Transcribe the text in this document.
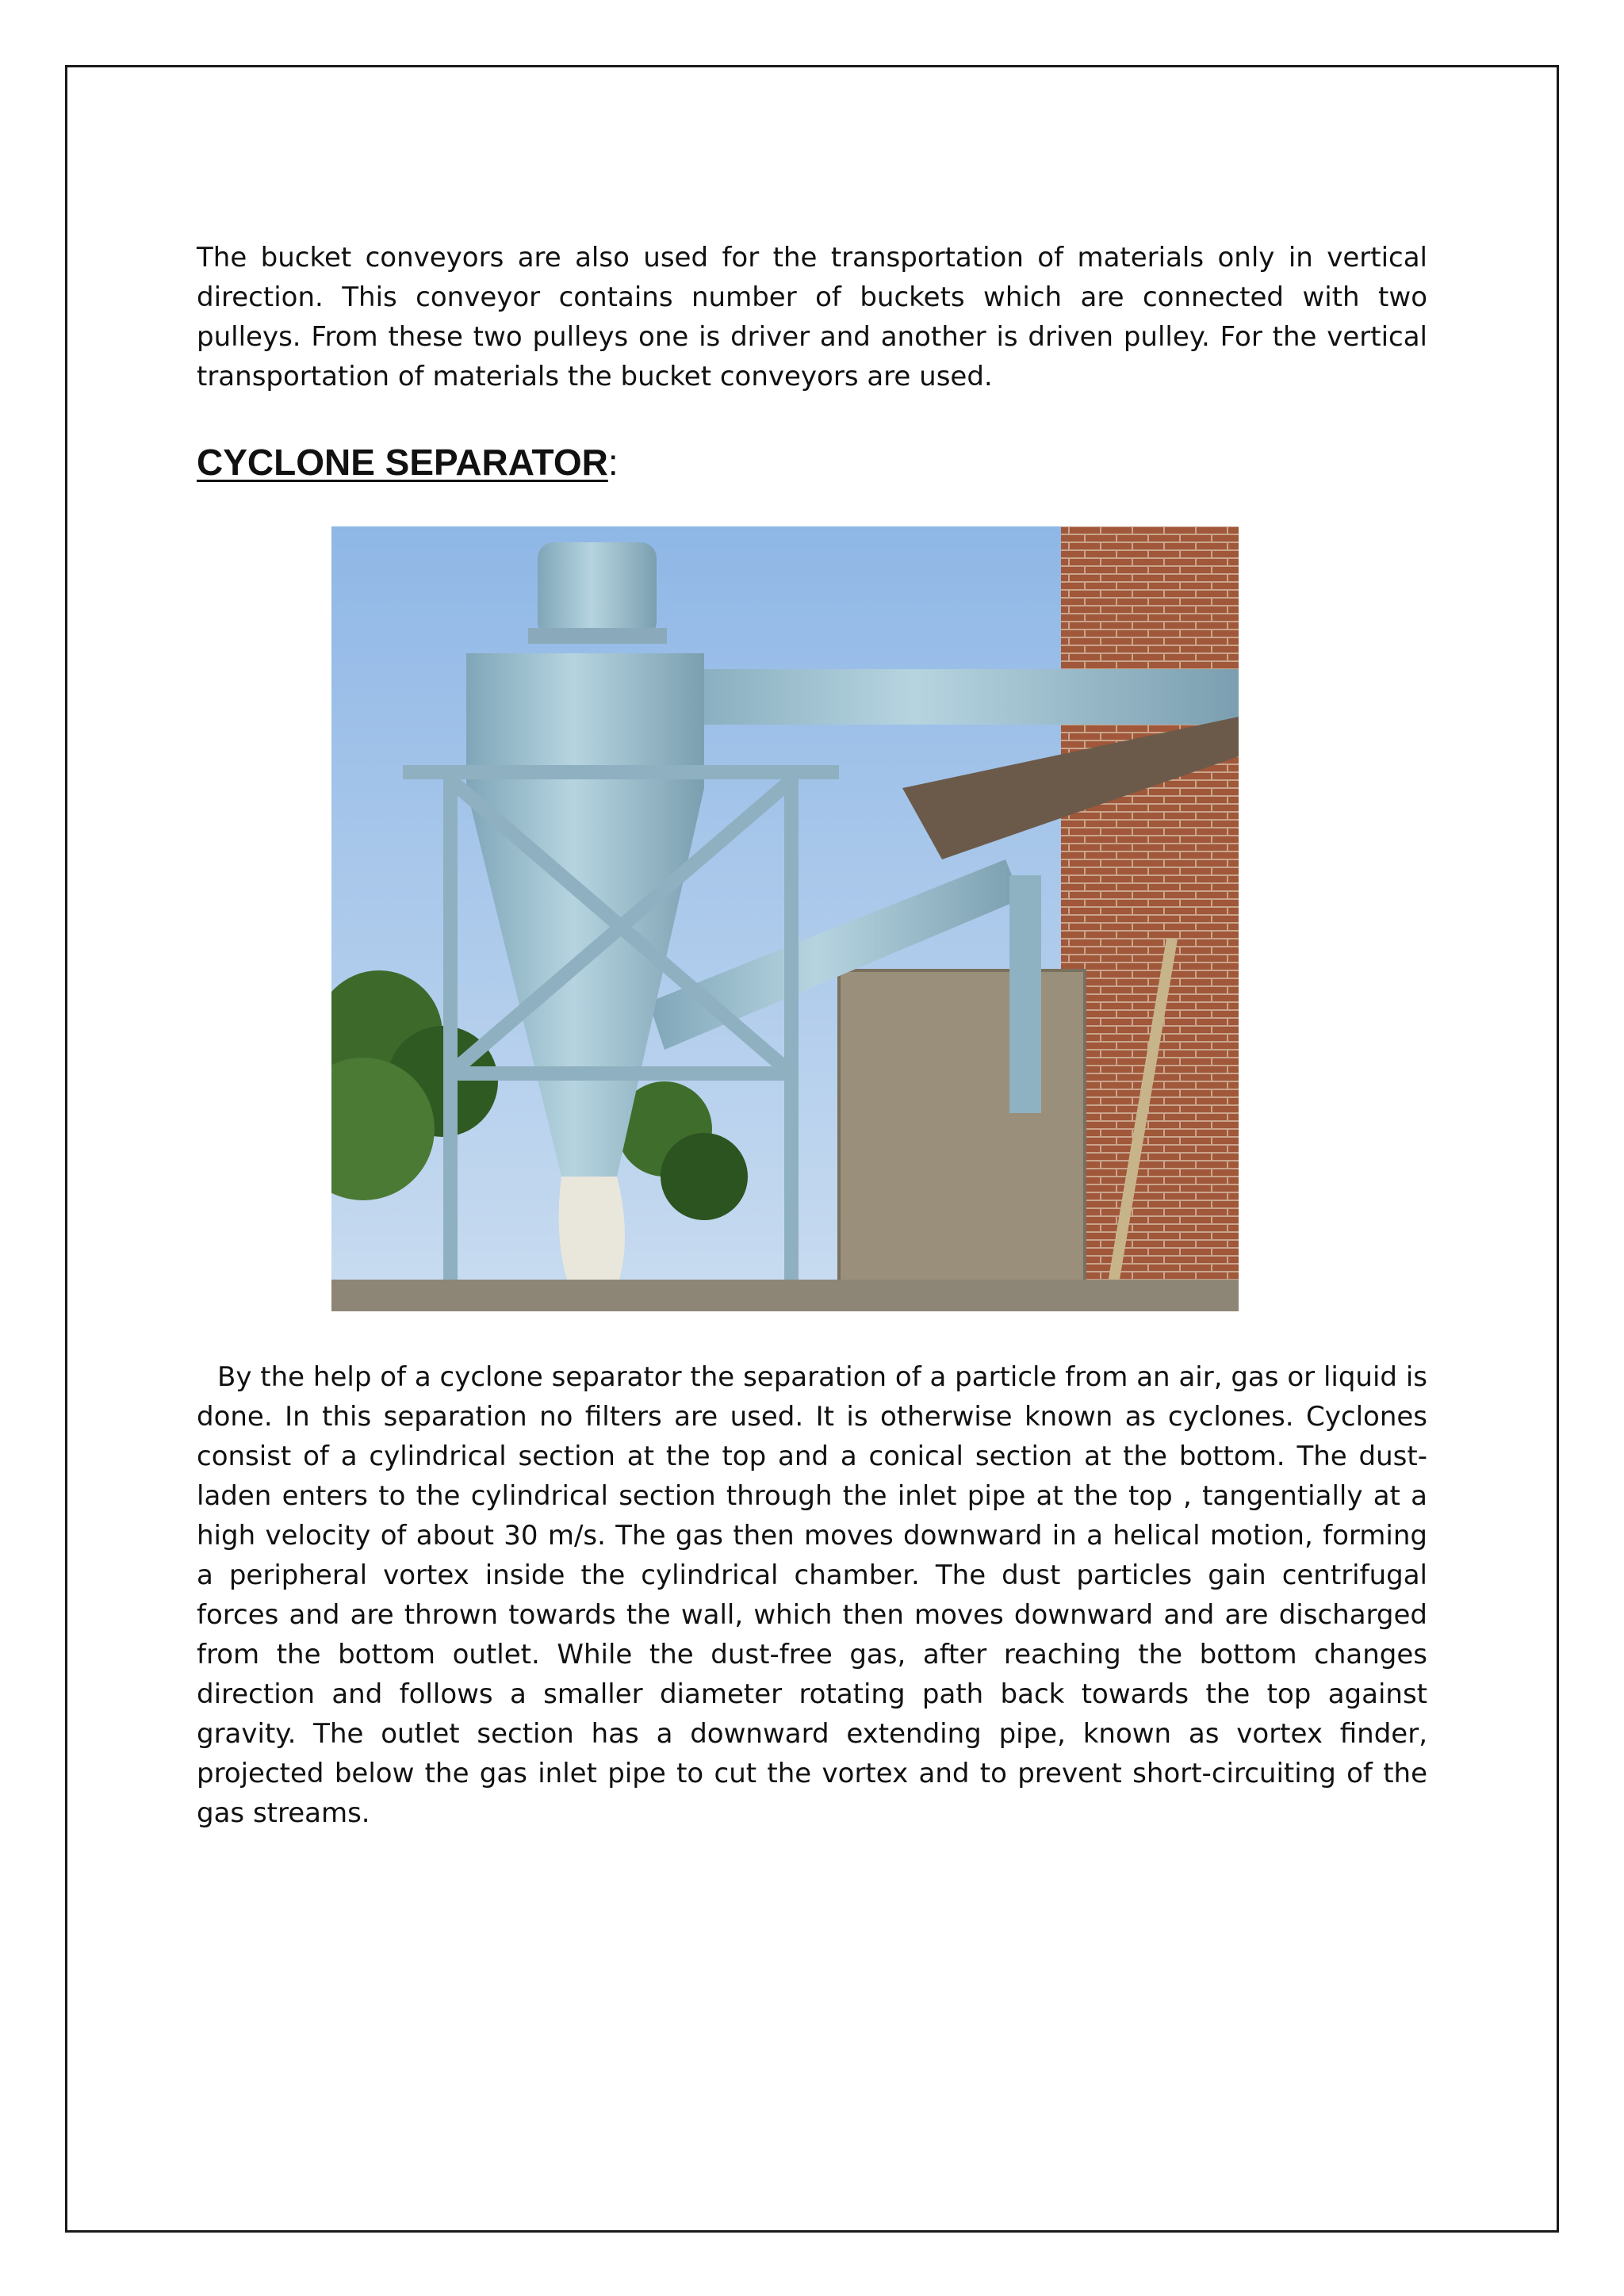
The bucket conveyors are also used for the transportation of materials only in vertical direction. This conveyor contains number of buckets which are connected with two pulleys. From these two pulleys one is driver and another is driven pulley. For the vertical transportation of materials the bucket conveyors are used.

CYCLONE SEPARATOR:

By the help of a cyclone separator the separation of a particle from an air, gas or liquid is done. In this separation no filters are used. It is otherwise known as cyclones. Cyclones consist of a cylindrical section at the top and a conical section at the bottom. The dust-laden enters to the cylindrical section through the inlet pipe at the top , tangentially at a high velocity of about 30 m/s. The gas then moves downward in a helical motion, forming a peripheral vortex inside the cylindrical chamber. The dust particles gain centrifugal forces and are thrown towards the wall, which then moves downward and are discharged from the bottom outlet. While the dust-free gas, after reaching the bottom changes direction and follows a smaller diameter rotating path back towards the top against gravity. The outlet section has a downward extending pipe, known as vortex finder, projected below the gas inlet pipe to cut the vortex and to prevent short-circuiting of the gas streams.
